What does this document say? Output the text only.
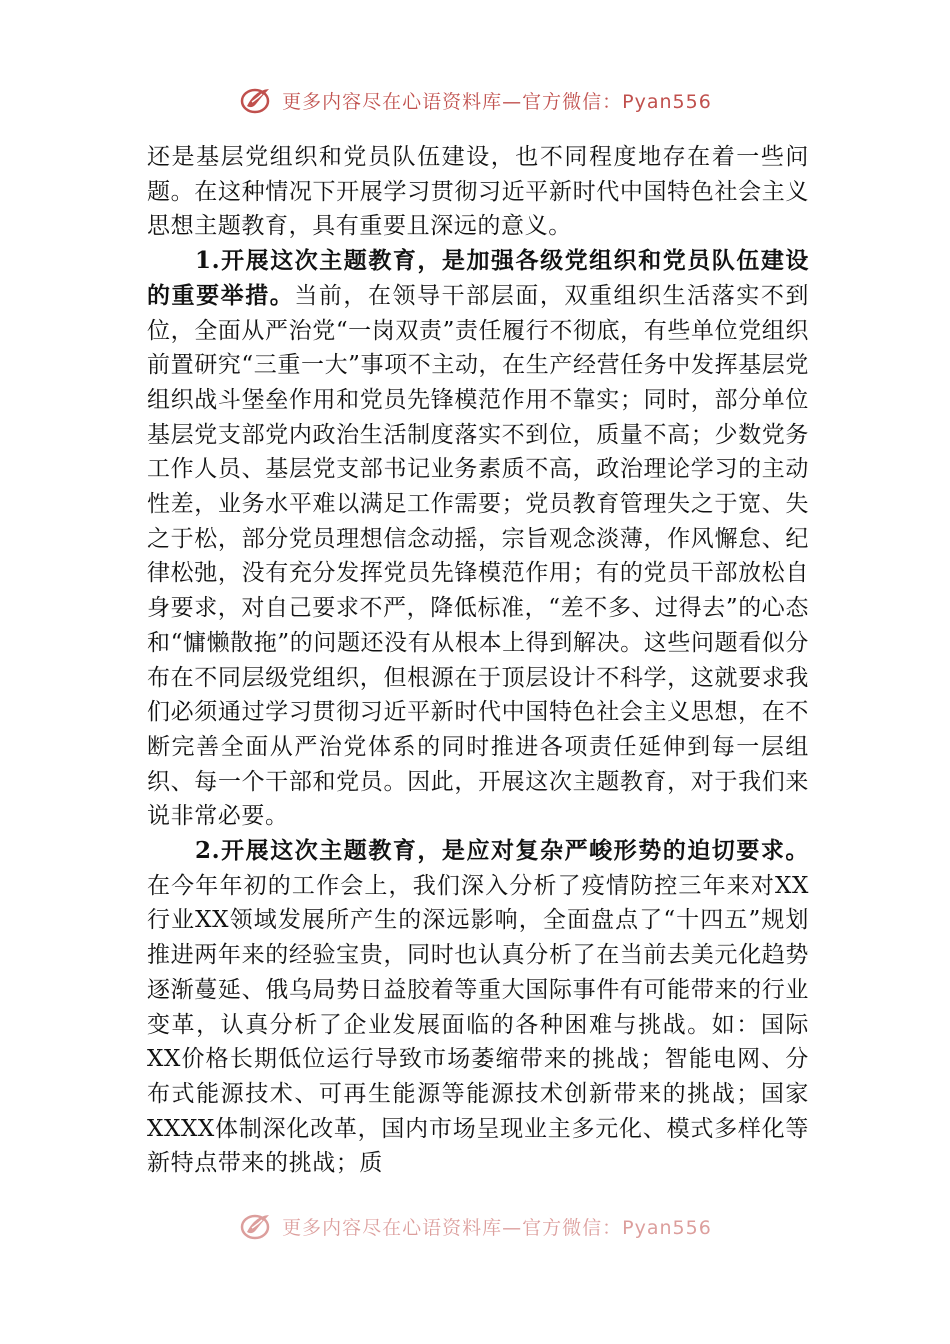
更多内容尽在心语资料库—官方微信：Pyan556

还是基层党组织和党员队伍建设，也不同程度地存在着一些问题。在这种情况下开展学习贯彻习近平新时代中国特色社会主义思想主题教育，具有重要且深远的意义。

1.开展这次主题教育，是加强各级党组织和党员队伍建设的重要举措。当前，在领导干部层面，双重组织生活落实不到位，全面从严治党“一岗双责”责任履行不彻底，有些单位党组织前置研究“三重一大”事项不主动，在生产经营任务中发挥基层党组织战斗堡垒作用和党员先锋模范作用不靠实；同时，部分单位基层党支部党内政治生活制度落实不到位，质量不高；少数党务工作人员、基层党支部书记业务素质不高，政治理论学习的主动性差，业务水平难以满足工作需要；党员教育管理失之于宽、失之于松，部分党员理想信念动摇，宗旨观念淡薄，作风懈怠、纪律松弛，没有充分发挥党员先锋模范作用；有的党员干部放松自身要求，对自己要求不严，降低标准，“差不多、过得去”的心态和“慵懒散拖”的问题还没有从根本上得到解决。这些问题看似分布在不同层级党组织，但根源在于顶层设计不科学，这就要求我们必须通过学习贯彻习近平新时代中国特色社会主义思想，在不断完善全面从严治党体系的同时推进各项责任延伸到每一层组织、每一个干部和党员。因此，开展这次主题教育，对于我们来说非常必要。

2.开展这次主题教育，是应对复杂严峻形势的迫切要求。在今年年初的工作会上，我们深入分析了疫情防控三年来对XX行业XX领域发展所产生的深远影响，全面盘点了“十四五”规划推进两年来的经验宝贵，同时也认真分析了在当前去美元化趋势逐渐蔓延、俄乌局势日益胶着等重大国际事件有可能带来的行业变革，认真分析了企业发展面临的各种困难与挑战。如：国际XX价格长期低位运行导致市场萎缩带来的挑战；智能电网、分布式能源技术、可再生能源等能源技术创新带来的挑战；国家XXXX体制深化改革，国内市场呈现业主多元化、模式多样化等新特点带来的挑战；质

更多内容尽在心语资料库—官方微信：Pyan556
